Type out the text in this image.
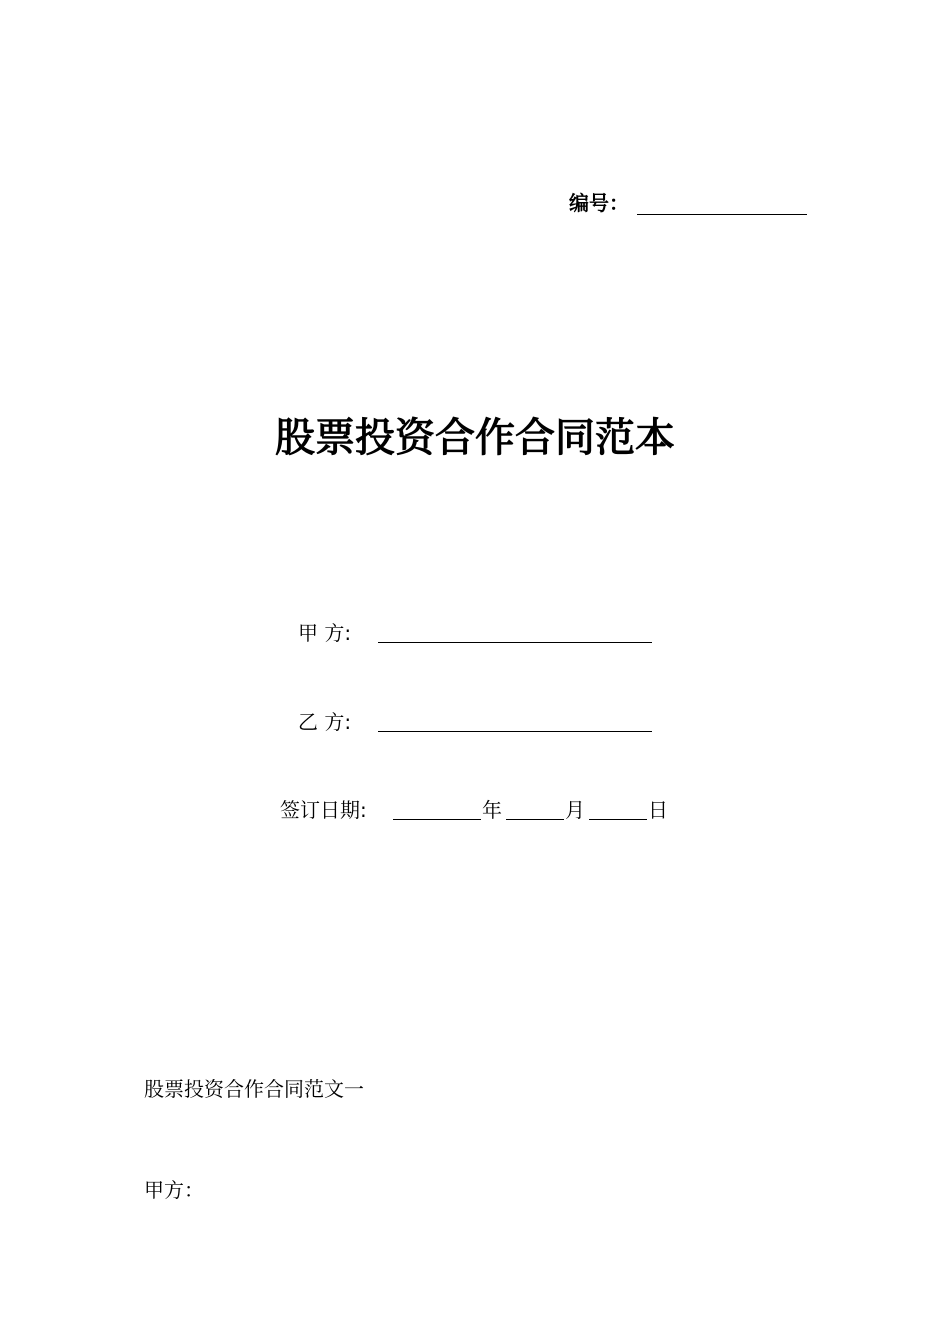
编号：
股票投资合作合同范本
甲 方:
乙 方:
签订日期:	年	月	日
股票投资合作合同范文一
甲方：
